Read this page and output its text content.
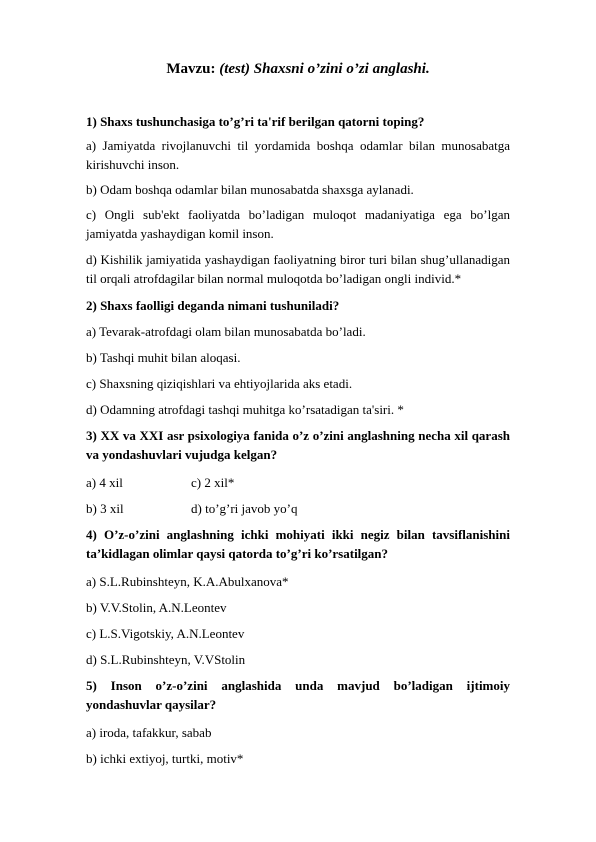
Mavzu: (test) Shaxsni o’zini o’zi anglashi.

1) Shaxs tushunchasiga to’g’ri ta'rif berilgan qatorni toping?

a) Jamiyatda rivojlanuvchi til yordamida boshqa odamlar bilan munosabatga kirishuvchi inson.

b) Odam boshqa odamlar bilan munosabatda shaxsga aylanadi.

c) Ongli sub'ekt faoliyatda bo’ladigan muloqot madaniyatiga ega bo’lgan jamiyatda yashaydigan komil inson.

d) Kishilik jamiyatida yashaydigan faoliyatning biror turi bilan shug’ullanadigan til orqali atrofdagilar bilan normal muloqotda bo’ladigan ongli individ.*

2) Shaxs faolligi deganda nimani tushuniladi?

a) Tevarak-atrofdagi olam bilan munosabatda bo’ladi.

b) Tashqi muhit bilan aloqasi.

c) Shaxsning qiziqishlari va ehtiyojlarida aks etadi.

d) Odamning atrofdagi tashqi muhitga ko’rsatadigan ta'siri. *

3) XX va XXI asr psixologiya fanida o’z o’zini anglashning necha xil qarash va yondashuvlari vujudga kelgan?

a) 4 xil	c) 2 xil*

b) 3 xil	d) to’g’ri javob yo’q

4) O’z-o’zini anglashning ichki mohiyati ikki negiz bilan tavsiflanishini ta’kidlagan olimlar qaysi qatorda to’g’ri ko’rsatilgan?

a) S.L.Rubinshteyn, K.A.Abulxanova*

b) V.V.Stolin, A.N.Leontev

c) L.S.Vigotskiy, A.N.Leontev

d) S.L.Rubinshteyn, V.VStolin

5) Inson o’z-o’zini anglashida unda mavjud bo’ladigan ijtimoiy yondashuvlar qaysilar?

a) iroda, tafakkur, sabab

b) ichki extiyoj, turtki, motiv*
